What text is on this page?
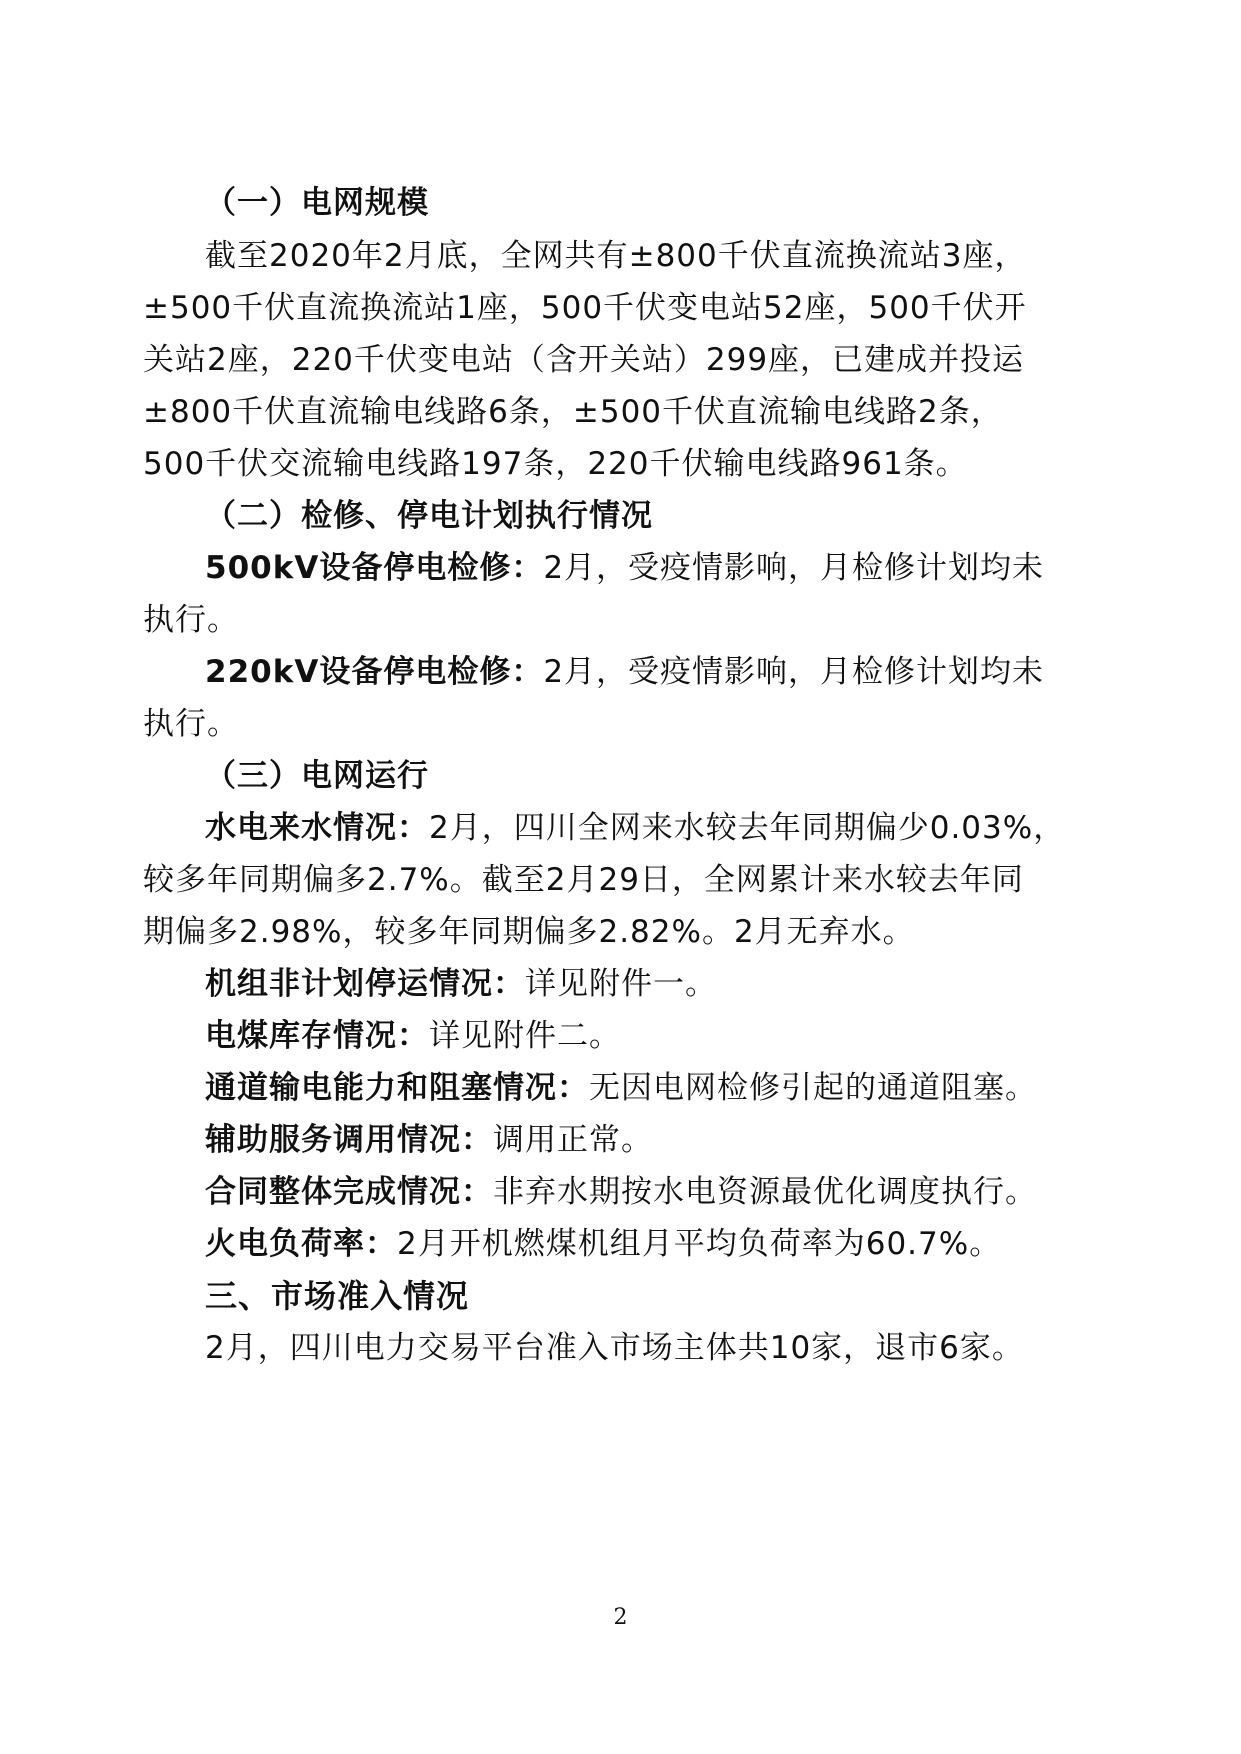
（一）电网规模
截至2020年2月底，全网共有±800千伏直流换流站3座，
±500千伏直流换流站1座，500千伏变电站52座，500千伏开
关站2座，220千伏变电站（含开关站）299座，已建成并投运
±800千伏直流输电线路6条，±500千伏直流输电线路2条，
500千伏交流输电线路197条，220千伏输电线路961条。
（二）检修、停电计划执行情况
500kV设备停电检修：2月，受疫情影响，月检修计划均未
执行。
220kV设备停电检修：2月，受疫情影响，月检修计划均未
执行。
（三）电网运行
水电来水情况：2月，四川全网来水较去年同期偏少0.03%，
较多年同期偏多2.7%。截至2月29日，全网累计来水较去年同
期偏多2.98%，较多年同期偏多2.82%。2月无弃水。
机组非计划停运情况：详见附件一。
电煤库存情况：详见附件二。
通道输电能力和阻塞情况：无因电网检修引起的通道阻塞。
辅助服务调用情况：调用正常。
合同整体完成情况：非弃水期按水电资源最优化调度执行。
火电负荷率：2月开机燃煤机组月平均负荷率为60.7%。
三、市场准入情况
2月，四川电力交易平台准入市场主体共10家，退市6家。
2
